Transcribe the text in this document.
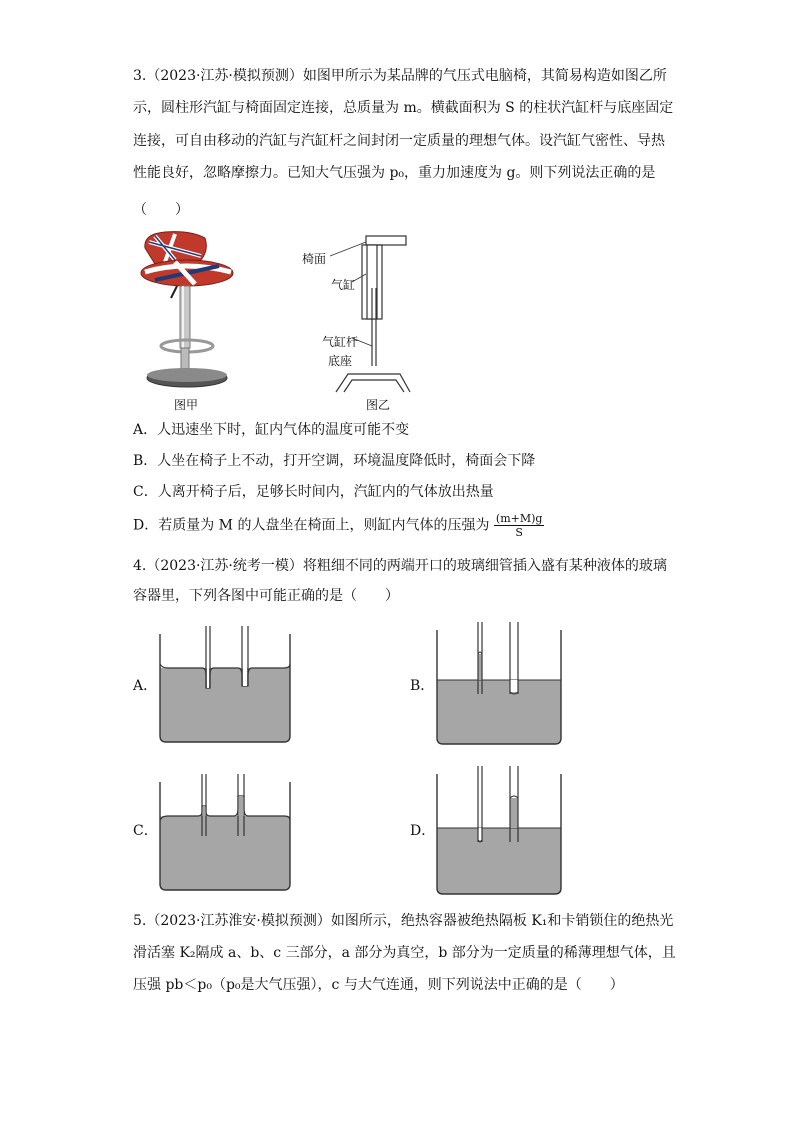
3.（2023·江苏·模拟预测）如图甲所示为某品牌的气压式电脑椅，其简易构造如图乙所
示，圆柱形汽缸与椅面固定连接，总质量为 m。横截面积为 S 的柱状汽缸杆与底座固定
连接，可自由移动的汽缸与汽缸杆之间封闭一定质量的理想气体。设汽缸气密性、导热
性能良好，忽略摩擦力。已知大气压强为 p₀，重力加速度为 g。则下列说法正确的是
（　　）
图甲
椅面
气缸
气缸杆
底座
图乙
A．人迅速坐下时，缸内气体的温度可能不变
B．人坐在椅子上不动，打开空调，环境温度降低时，椅面会下降
C．人离开椅子后，足够长时间内，汽缸内的气体放出热量
D．若质量为 M 的人盘坐在椅面上，则缸内气体的压强为 $\frac{(m+M)g}{S}$
4.（2023·江苏·统考一模）将粗细不同的两端开口的玻璃细管插入盛有某种液体的玻璃
容器里，下列各图中可能正确的是（　　）
A．	B．
C．	D．
5.（2023·江苏淮安·模拟预测）如图所示，绝热容器被绝热隔板 K₁和卡销锁住的绝热光
滑活塞 K₂隔成 a、b、c 三部分，a 部分为真空，b 部分为一定质量的稀薄理想气体，且
压强 pb＜p₀（p₀是大气压强），c 与大气连通，则下列说法中正确的是（　　）
